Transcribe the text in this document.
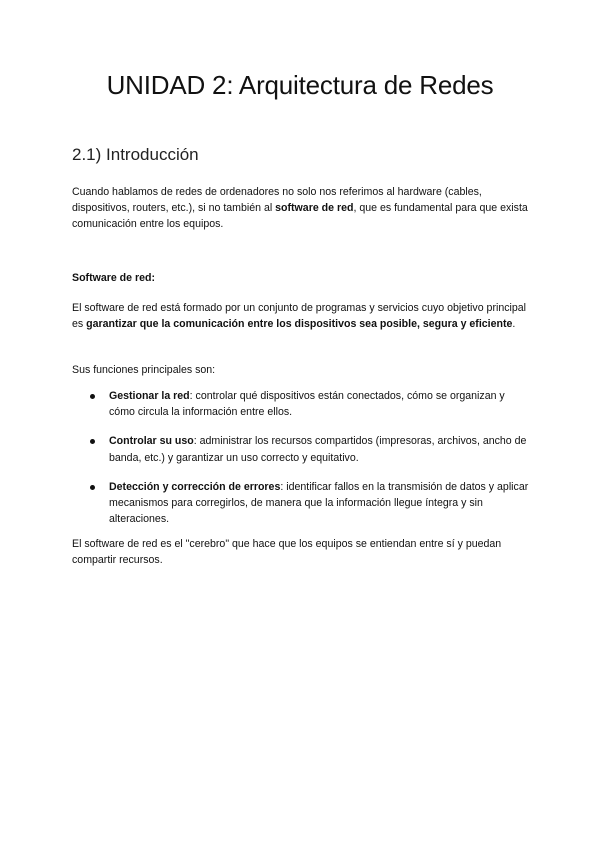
UNIDAD 2: Arquitectura de Redes
2.1) Introducción

Cuando hablamos de redes de ordenadores no solo nos referimos al hardware (cables, dispositivos, routers, etc.), si no también al software de red, que es fundamental para que exista comunicación entre los equipos.

Software de red:

El software de red está formado por un conjunto de programas y servicios cuyo objetivo principal es garantizar que la comunicación entre los dispositivos sea posible, segura y eficiente.

Sus funciones principales son:

Gestionar la red: controlar qué dispositivos están conectados, cómo se organizan y cómo circula la información entre ellos.
Controlar su uso: administrar los recursos compartidos (impresoras, archivos, ancho de banda, etc.) y garantizar un uso correcto y equitativo.
Detección y corrección de errores: identificar fallos en la transmisión de datos y aplicar mecanismos para corregirlos, de manera que la información llegue íntegra y sin alteraciones.

El software de red es el "cerebro" que hace que los equipos se entiendan entre sí y puedan compartir recursos.
